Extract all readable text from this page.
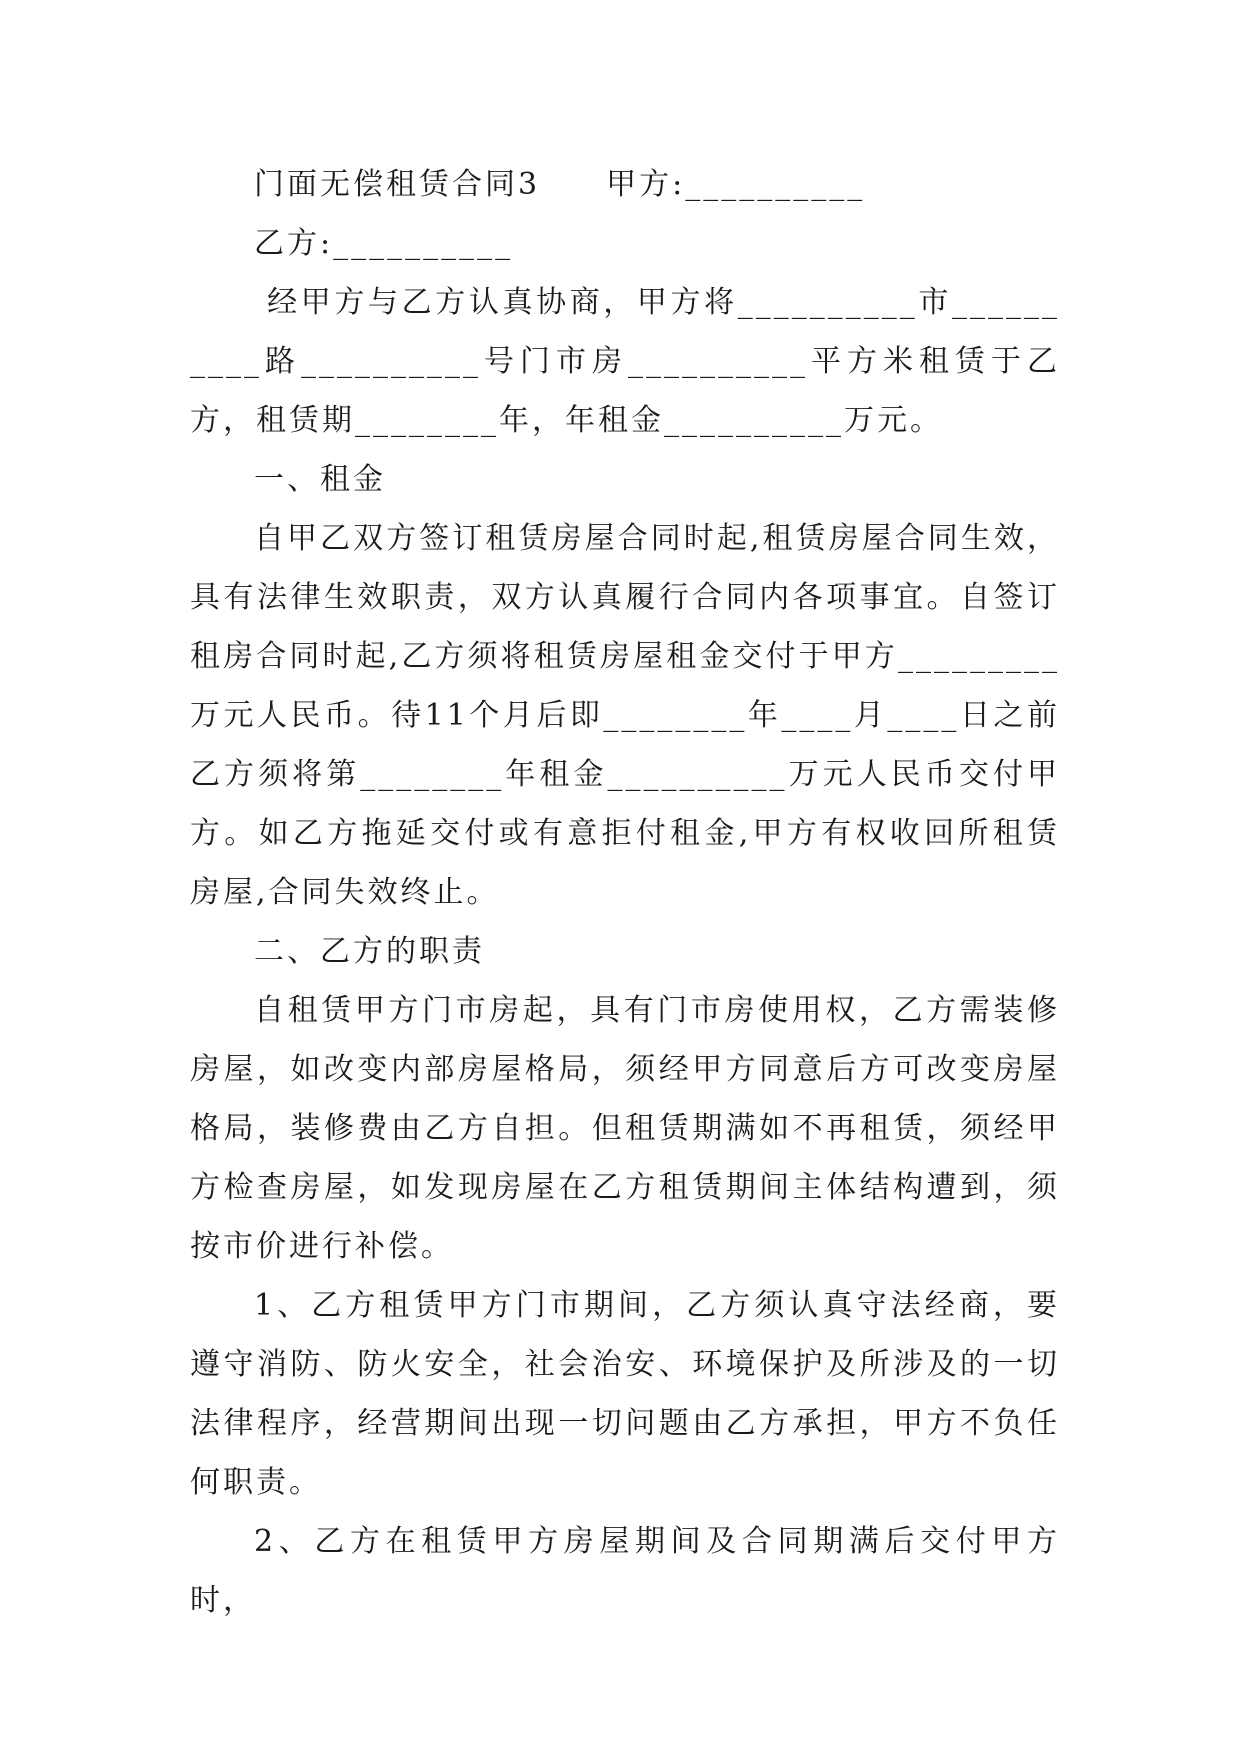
门面无偿租赁合同3　　甲方:__________

乙方:__________

经甲方与乙方认真协商，甲方将__________市__________路__________号门市房__________平方米租赁于乙方，租赁期________年，年租金__________万元。

一、租金

自甲乙双方签订租赁房屋合同时起,租赁房屋合同生效，具有法律生效职责，双方认真履行合同内各项事宜。自签订租房合同时起,乙方须将租赁房屋租金交付于甲方_________万元人民币。待11个月后即________年____月____日之前乙方须将第________年租金__________万元人民币交付甲方。如乙方拖延交付或有意拒付租金,甲方有权收回所租赁房屋,合同失效终止。

二、乙方的职责

自租赁甲方门市房起，具有门市房使用权，乙方需装修房屋，如改变内部房屋格局，须经甲方同意后方可改变房屋格局，装修费由乙方自担。但租赁期满如不再租赁，须经甲方检查房屋，如发现房屋在乙方租赁期间主体结构遭到，须按市价进行补偿。

1、乙方租赁甲方门市期间，乙方须认真守法经商，要遵守消防、防火安全，社会治安、环境保护及所涉及的一切法律程序，经营期间出现一切问题由乙方承担，甲方不负任何职责。

2、乙方在租赁甲方房屋期间及合同期满后交付甲方时，
